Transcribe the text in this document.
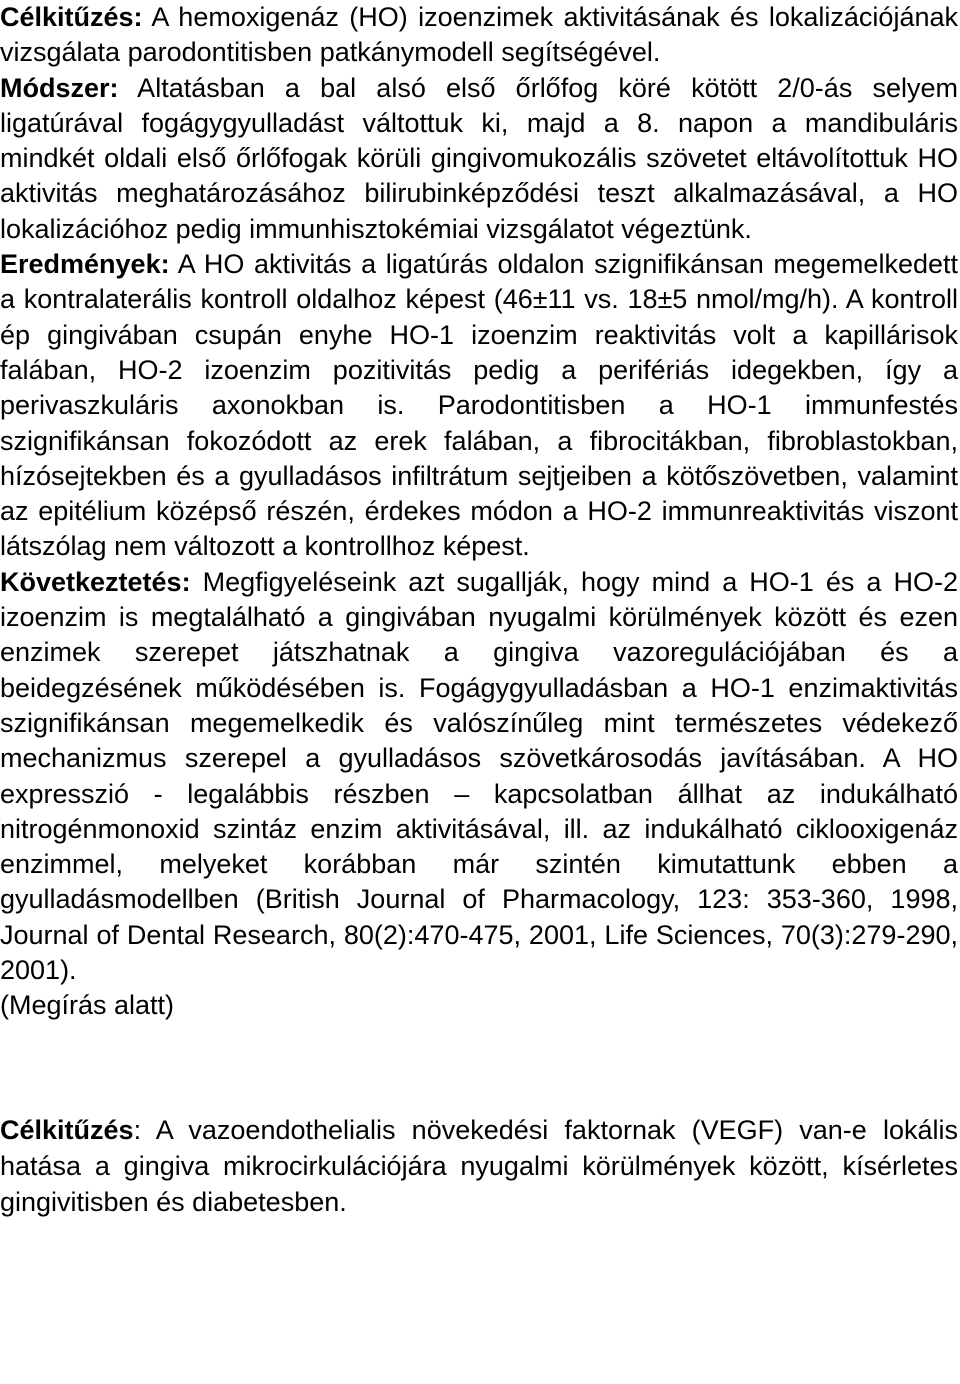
Célkitűzés: A hemoxigenáz (HO) izoenzimek aktivitásának és lokalizációjának vizsgálata parodontitisben patkánymodell segítségével.

Módszer: Altatásban a bal alsó első őrlőfog köré kötött 2/0-ás selyem ligatúrával fogágygyulladást váltottuk ki, majd a 8. napon a mandibuláris mindkét oldali első őrlőfogak körüli gingivomukozális szövetet eltávolítottuk HO aktivitás meghatározásához bilirubinképződési teszt alkalmazásával, a HO lokalizációhoz pedig immunhisztokémiai vizsgálatot végeztünk.

Eredmények: A HO aktivitás a ligatúrás oldalon szignifikánsan megemelkedett a kontralaterális kontroll oldalhoz képest (46±11 vs. 18±5 nmol/mg/h). A kontroll ép gingivában csupán enyhe HO-1 izoenzim reaktivitás volt a kapillárisok falában, HO-2 izoenzim pozitivitás pedig a perifériás idegekben, így a perivaszkuláris axonokban is. Parodontitisben a HO-1 immunfestés szignifikánsan fokozódott az erek falában, a fibrocitákban, fibroblastokban, hízósejtekben és a gyulladásos infiltrátum sejtjeiben a kötőszövetben, valamint az epitélium középső részén, érdekes módon a HO-2 immunreaktivitás viszont látszólag nem változott a kontrollhoz képest.

Következtetés: Megfigyeléseink azt sugallják, hogy mind a HO-1 és a HO-2 izoenzim is megtalálható a gingivában nyugalmi körülmények között és ezen enzimek szerepet játszhatnak a gingiva vazoregulációjában és a beidegzésének működésében is. Fogágygyulladásban a HO-1 enzimaktivitás szignifikánsan megemelkedik és valószínűleg mint természetes védekező mechanizmus szerepel a gyulladásos szövetkárosodás javításában. A HO expresszió - legalábbis részben – kapcsolatban állhat az indukálható nitrogénmonoxid szintáz enzim aktivitásával, ill. az indukálható ciklooxigenáz enzimmel, melyeket korábban már szintén kimutattunk ebben a gyulladásmodellben (British Journal of Pharmacology, 123: 353-360, 1998, Journal of Dental Research, 80(2):470-475, 2001, Life Sciences, 70(3):279-290, 2001).

(Megírás alatt)

Célkitűzés: A vazoendothelialis növekedési faktornak (VEGF) van-e lokális hatása a gingiva mikrocirkulációjára nyugalmi körülmények között, kísérletes gingivitisben és diabetesben.
